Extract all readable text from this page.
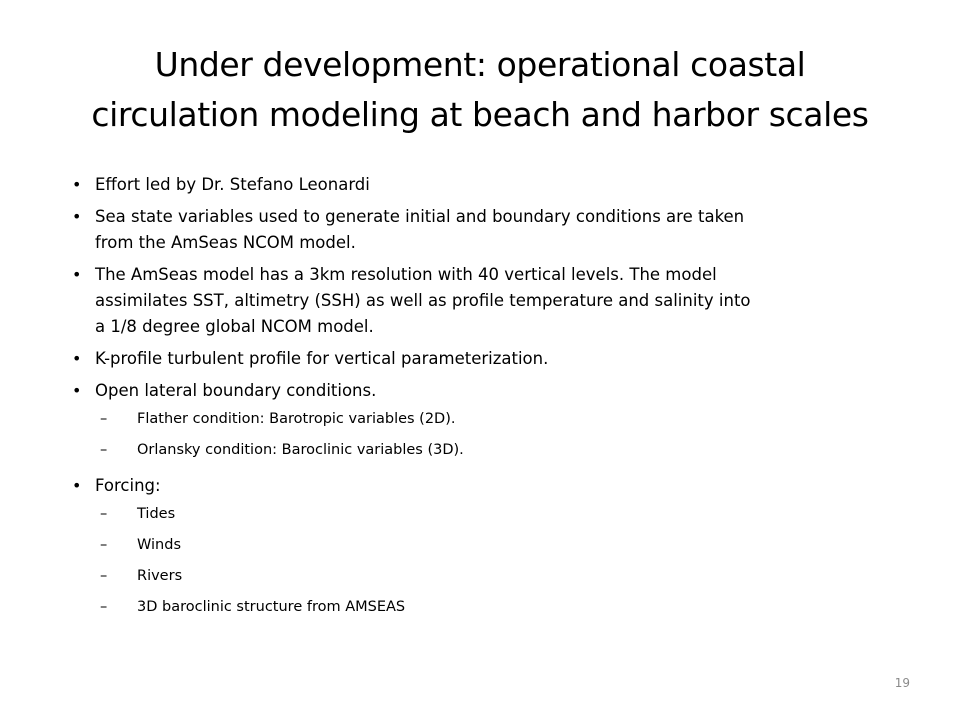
Under development: operational coastal
circulation modeling at beach and harbor scales

• Effort led by Dr. Stefano Leonardi

• Sea state variables used to generate initial and boundary conditions are taken
from the AmSeas NCOM model.

• The AmSeas model has a 3km resolution with 40 vertical levels. The model
assimilates SST, altimetry (SSH) as well as profile temperature and salinity into
a 1/8 degree global NCOM model.

• K-profile turbulent profile for vertical parameterization.

• Open lateral boundary conditions.

– Flather condition: Barotropic variables (2D).

– Orlansky condition: Baroclinic variables (3D).

• Forcing:

– Tides

– Winds

– Rivers

– 3D baroclinic structure from AMSEAS

19
